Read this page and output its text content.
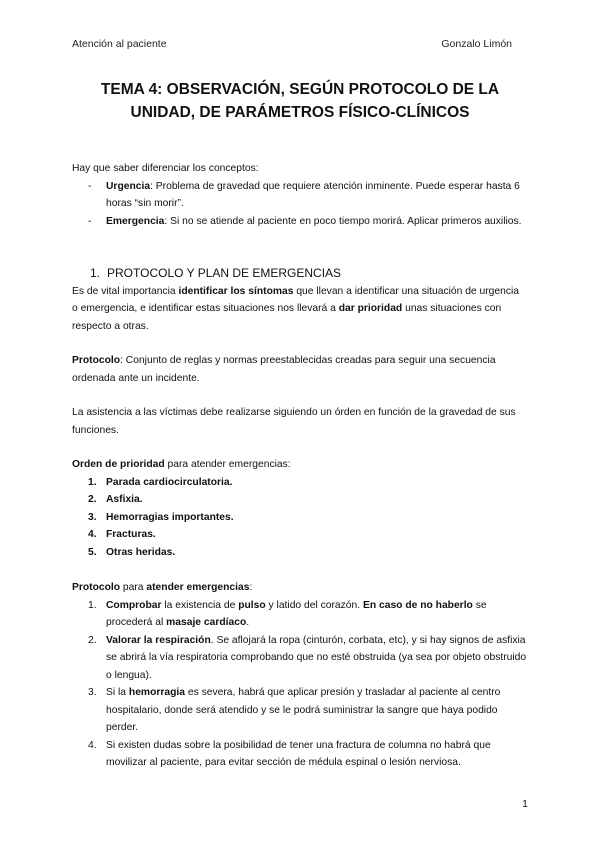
Atención al paciente	Gonzalo Limón
TEMA 4: OBSERVACIÓN, SEGÚN PROTOCOLO DE LA
UNIDAD, DE PARÁMETROS FÍSICO-CLÍNICOS

Hay que saber diferenciar los conceptos:

- Urgencia: Problema de gravedad que requiere atención inminente. Puede esperar hasta 6 horas “sin morir”.
- Emergencia: Si no se atiende al paciente en poco tiempo morirá. Aplicar primeros auxilios.
1. PROTOCOLO Y PLAN DE EMERGENCIAS

Es de vital importancia identificar los síntomas que llevan a identificar una situación de urgencia o emergencia, e identificar estas situaciones nos llevará a dar prioridad unas situaciones con respecto a otras.

Protocolo: Conjunto de reglas y normas preestablecidas creadas para seguir una secuencia ordenada ante un incidente.

La asistencia a las víctimas debe realizarse siguiendo un órden en función de la gravedad de sus funciones.

Orden de prioridad para atender emergencias:

1. Parada cardiocirculatoria.
2. Asfixia.
3. Hemorragias importantes.
4. Fracturas.
5. Otras heridas.

Protocolo para atender emergencias:

1. Comprobar la existencia de pulso y latido del corazón. En caso de no haberlo se procederá al masaje cardíaco.
2. Valorar la respiración. Se aflojará la ropa (cinturón, corbata, etc), y si hay signos de asfixia se abrirá la vía respiratoria comprobando que no esté obstruida (ya sea por objeto obstruido o lengua).
3. Si la hemorragia es severa, habrá que aplicar presión y trasladar al paciente al centro hospitalario, donde será atendido y se le podrá suministrar la sangre que haya podido perder.
4. Si existen dudas sobre la posibilidad de tener una fractura de columna no habrá que movilizar al paciente, para evitar sección de médula espinal o lesión nerviosa.
1
